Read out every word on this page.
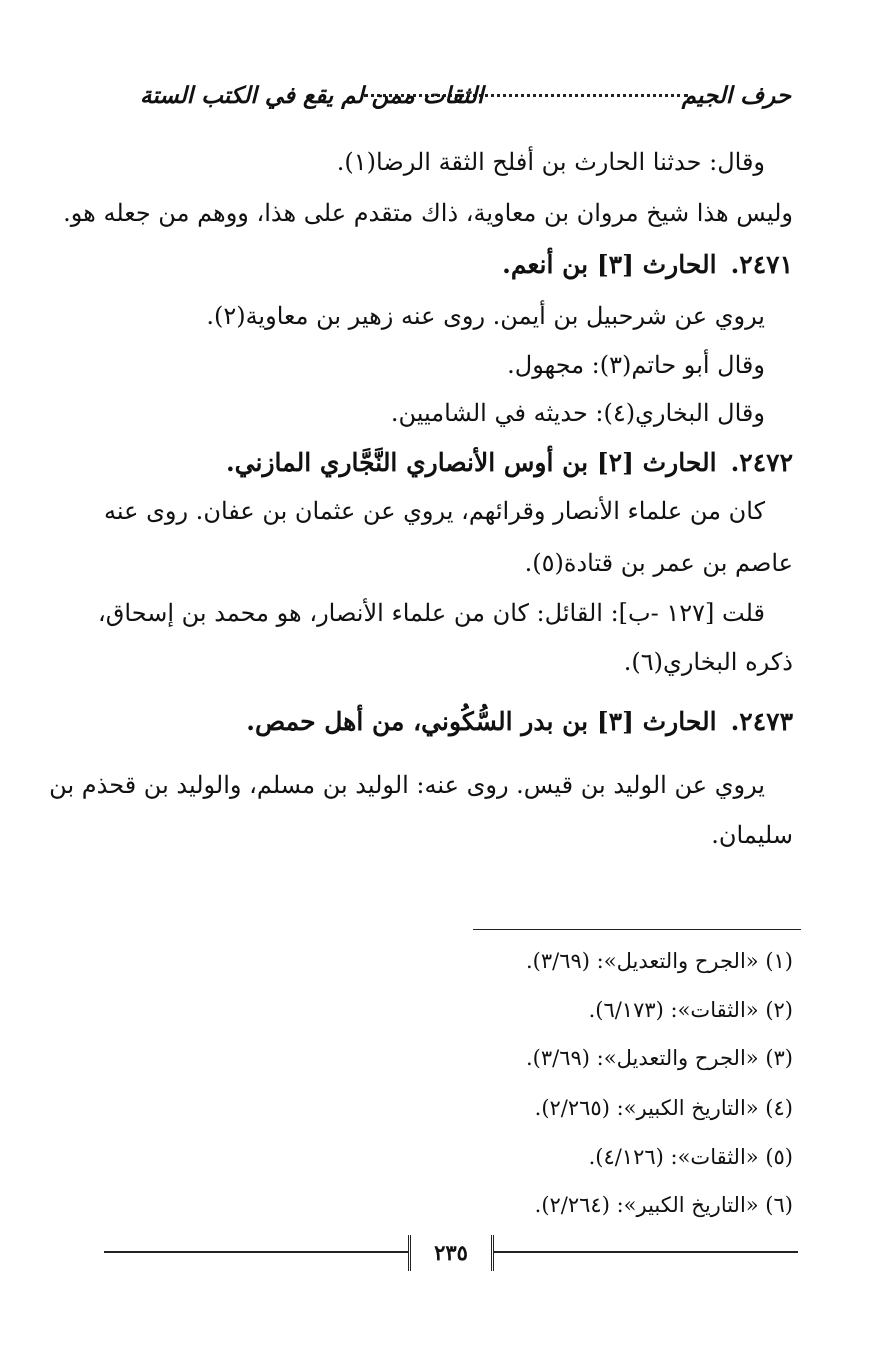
حرف الجيم
الثقات ممن لم يقع في الكتب الستة
وقال: حدثنا الحارث بن أفلح الثقة الرضا(١).
وليس هذا شيخ مروان بن معاوية، ذاك متقدم على هذا، ووهم من جعله هو.
٢٤٧١.الحارث [٣] بن أنعم.
يروي عن شرحبيل بن أيمن. روى عنه زهير بن معاوية(٢).
وقال أبو حاتم(٣): مجهول.
وقال البخاري(٤): حديثه في الشاميين.
٢٤٧٢.الحارث [٢] بن أوس الأنصاري النَّجَّاري المازني.
كان من علماء الأنصار وقرائهم، يروي عن عثمان بن عفان. روى عنه
عاصم بن عمر بن قتادة(٥).
قلت [١٢٧ -ب]: القائل: كان من علماء الأنصار، هو محمد بن إسحاق،
ذكره البخاري(٦).
٢٤٧٣.الحارث [٣] بن بدر السُّكُوني، من أهل حمص.
يروي عن الوليد بن قيس. روى عنه: الوليد بن مسلم، والوليد بن قحذم بن
سليمان.
(١) «الجرح والتعديل»: (٣/٦٩).
(٢) «الثقات»: (٦/١٧٣).
(٣) «الجرح والتعديل»: (٣/٦٩).
(٤) «التاريخ الكبير»: (٢/٢٦٥).
(٥) «الثقات»: (٤/١٢٦).
(٦) «التاريخ الكبير»: (٢/٢٦٤).
٢٣٥
